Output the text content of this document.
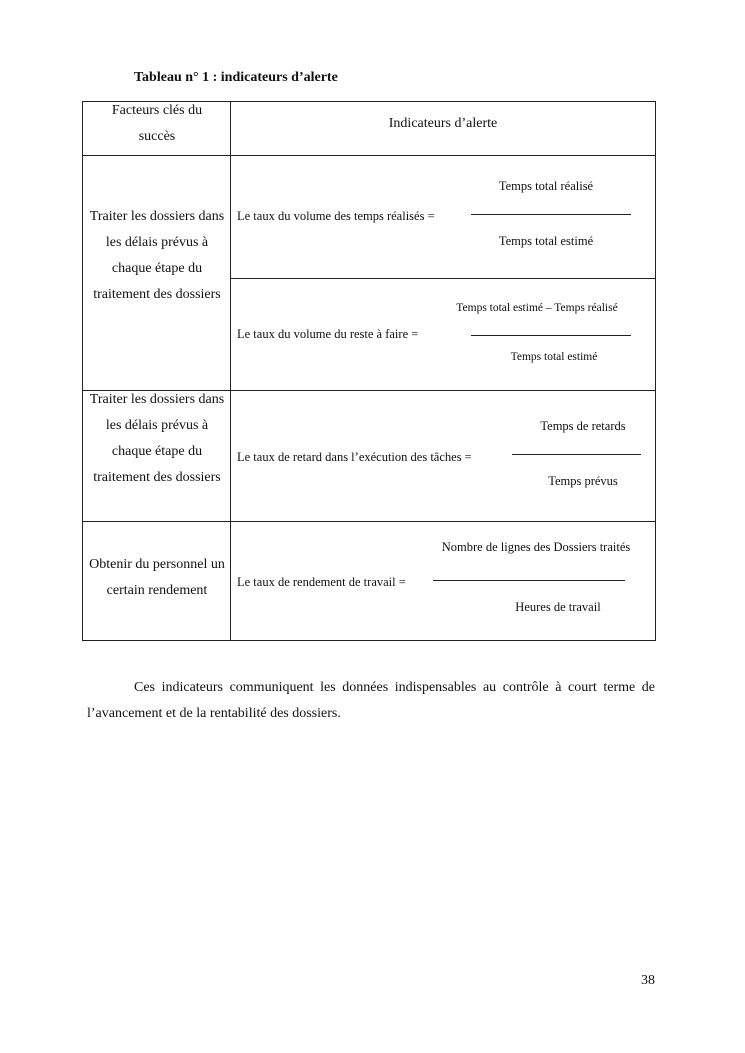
Tableau n° 1 : indicateurs d’alerte
Facteurs clés du succès
Indicateurs d’alerte
Traiter les dossiers dans les délais prévus à chaque étape du traitement des dossiers
Le taux du volume des temps réalisés =
Temps total réalisé
Temps total estimé
Le taux du volume du reste à faire =
Temps total estimé – Temps réalisé
Temps total estimé
Traiter les dossiers dans les délais prévus à chaque étape du traitement des dossiers
Le taux de retard dans l’exécution des tâches =
Temps de retards
Temps prévus
Obtenir du personnel un certain rendement
Le taux de rendement de travail =
Nombre de lignes des Dossiers traités
Heures de travail
Ces indicateurs communiquent les données indispensables au contrôle à court terme de l’avancement et de la rentabilité des dossiers.
38
